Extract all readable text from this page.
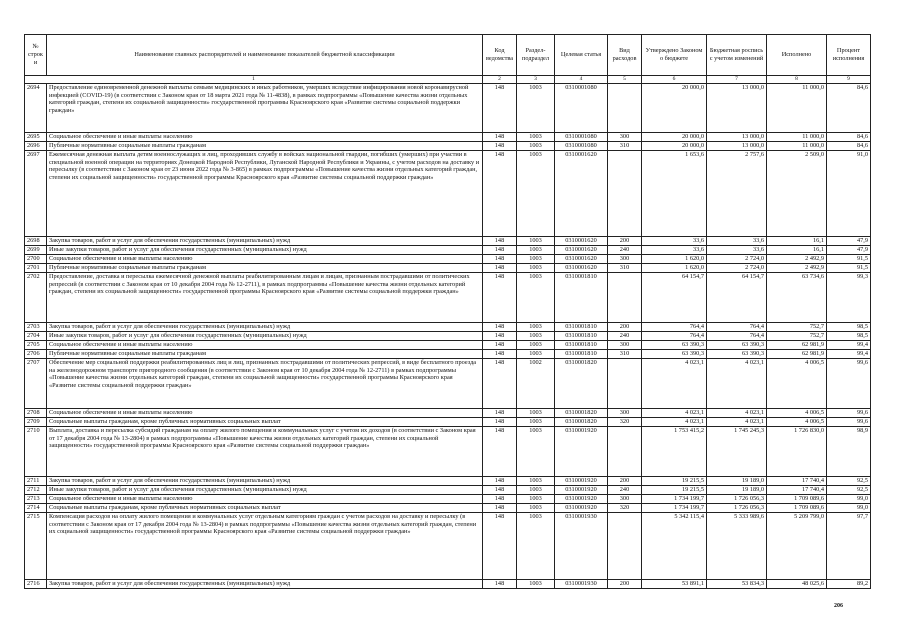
№ строки	Наименование главных распорядителей и наименование показателей бюджетной классификации	Код ведомства	Раздел-подраздел	Целевая статья	Вид расходов	Утверждено Законом о бюджете	Бюджетная роспись с учетом изменений	Исполнено	Процент исполнения
1		2	3	4	5	6	7	8	9
2694	Предоставление единовременной денежной выплаты семьям медицинских и иных работников, умерших вследствие инфицирования новой коронавирусной инфекцией (COVID-19) (в соответствии с Законом края от 18 марта 2021 года № 11-4838), в рамках подпрограммы «Повышение качества жизни отдельных категорий граждан, степени их социальной защищенности» государственной программы Красноярского края «Развитие системы социальной поддержки граждан»	148	1003	0310001080		20 000,0	13 000,0	11 000,0	84,6
2695	Социальное обеспечение и иные выплаты населению	148	1003	0310001080	300	20 000,0	13 000,0	11 000,0	84,6
2696	Публичные нормативные социальные выплаты гражданам	148	1003	0310001080	310	20 000,0	13 000,0	11 000,0	84,6
2697	Ежемесячная денежная выплата детям военнослужащих и лиц, проходивших службу в войсках национальной гвардии, погибших (умерших) при участии в специальной военной операции на территориях Донецкой Народной Республики, Луганской Народной Республики и Украины, с учетом расходов на доставку и пересылку (в соответствии с Законом края от 23 июня 2022 года № 3-865) в рамках подпрограммы «Повышение качества жизни отдельных категорий граждан, степени их социальной защищенности» государственной программы Красноярского края «Развитие системы социальной поддержки граждан»	148	1003	0310001620		1 653,6	2 757,6	2 509,0	91,0
2698	Закупка товаров, работ и услуг для обеспечения государственных (муниципальных) нужд	148	1003	0310001620	200	33,6	33,6	16,1	47,9
2699	Иные закупки товаров, работ и услуг для обеспечения государственных (муниципальных) нужд	148	1003	0310001620	240	33,6	33,6	16,1	47,9
2700	Социальное обеспечение и иные выплаты населению	148	1003	0310001620	300	1 620,0	2 724,0	2 492,9	91,5
2701	Публичные нормативные социальные выплаты гражданам	148	1003	0310001620	310	1 620,0	2 724,0	2 492,9	91,5
2702	Предоставление, доставка и пересылка ежемесячной денежной выплаты реабилитированным лицам и лицам, признанным пострадавшими от политических репрессий (в соответствии с Законом края от 10 декабря 2004 года № 12-2711), в рамках подпрограммы «Повышение качества жизни отдельных категорий граждан, степени их социальной защищенности» государственной программы Красноярского края «Развитие системы социальной поддержки граждан»	148	1003	0310001810		64 154,7	64 154,7	63 734,6	99,3
2703	Закупка товаров, работ и услуг для обеспечения государственных (муниципальных) нужд	148	1003	0310001810	200	764,4	764,4	752,7	98,5
2704	Иные закупки товаров, работ и услуг для обеспечения государственных (муниципальных) нужд	148	1003	0310001810	240	764,4	764,4	752,7	98,5
2705	Социальное обеспечение и иные выплаты населению	148	1003	0310001810	300	63 390,3	63 390,3	62 981,9	99,4
2706	Публичные нормативные социальные выплаты гражданам	148	1003	0310001810	310	63 390,3	63 390,3	62 981,9	99,4
2707	Обеспечение мер социальной поддержки реабилитированных лиц и лиц, признанных пострадавшими от политических репрессий, в виде бесплатного проезда на железнодорожном транспорте пригородного сообщения (в соответствии с Законом края от 10 декабря 2004 года № 12-2711) в рамках подпрограммы «Повышение качества жизни отдельных категорий граждан, степени их социальной защищенности» государственной программы Красноярского края «Развитие системы социальной поддержки граждан»	148	1002	0310001820		4 023,1	4 023,1	4 006,5	99,6
2708	Социальное обеспечение и иные выплаты населению	148	1003	0310001820	300	4 023,1	4 023,1	4 006,5	99,6
2709	Социальные выплаты гражданам, кроме публичных нормативных социальных выплат	148	1003	0310001820	320	4 023,1	4 023,1	4 006,5	99,6
2710	Выплата, доставка и пересылка субсидий гражданам на оплату жилого помещения и коммунальных услуг с учетом их доходов (в соответствии с Законом края от 17 декабря 2004 года № 13-2804) в рамках подпрограммы «Повышение качества жизни отдельных категорий граждан, степени их социальной защищенности» государственной программы Красноярского края «Развитие системы социальной поддержки граждан»	148	1003	0310001920		1 753 415,2	1 745 245,3	1 726 830,0	98,9
2711	Закупка товаров, работ и услуг для обеспечения государственных (муниципальных) нужд	148	1003	0310001920	200	19 215,5	19 189,0	17 740,4	92,5
2712	Иные закупки товаров, работ и услуг для обеспечения государственных (муниципальных) нужд	148	1003	0310001920	240	19 215,5	19 189,0	17 740,4	92,5
2713	Социальное обеспечение и иные выплаты населению	148	1003	0310001920	300	1 734 199,7	1 726 056,3	1 709 089,6	99,0
2714	Социальные выплаты гражданам, кроме публичных нормативных социальных выплат	148	1003	0310001920	320	1 734 199,7	1 726 056,3	1 709 089,6	99,0
2715	Компенсация расходов на оплату жилого помещения и коммунальных услуг отдельным категориям граждан с учетом расходов на доставку и пересылку (в соответствии с Законом края от 17 декабря 2004 года № 13-2804) в рамках подпрограммы «Повышение качества жизни отдельных категорий граждан, степени их социальной защищенности» государственной программы Красноярского края «Развитие системы социальной поддержки граждан»	148	1003	0310001930		5 342 115,4	5 333 989,6	5 209 799,0	97,7
2716	Закупка товаров, работ и услуг для обеспечения государственных (муниципальных) нужд	148	1003	0310001930	200	53 891,1	53 834,3	48 025,6	89,2
206
